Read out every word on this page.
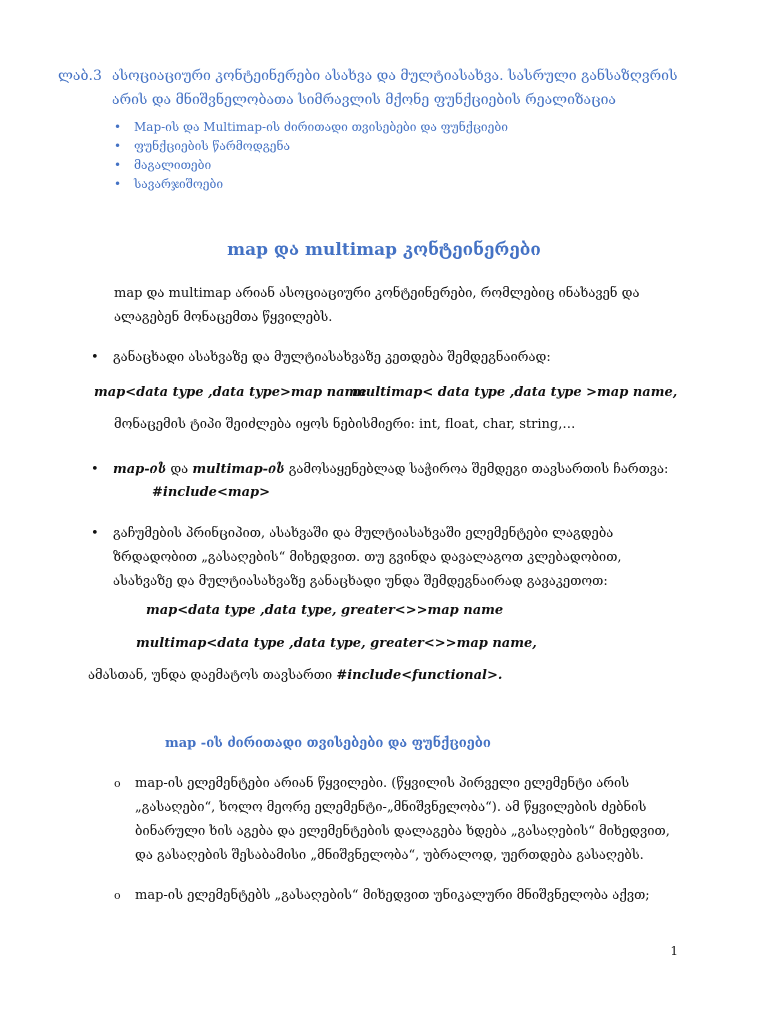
ლაბ.3 ასოციაციური კონტეინერები ასახვა და მულტიასახვა. სასრული განსაზღვრის არის და მნიშვნელობათა სიმრავლის მქონე ფუნქციების რეალიზაცია
• Map-ის და Multimap-ის ძირითადი თვისებები და ფუნქციები
• ფუნქციების წარმოდგენა
• მაგალითები
• სავარჯიშოები
map და multimap კონტეინერები
map და multimap არიან ასოციაციური კონტეინერები, რომლებიც ინახავენ და ალაგებენ მონაცემთა წყვილებს.
• განაცხადი ასახვაზე და მულტიასახვაზე კეთდება შემდეგნაირად:
map<data type ,data type>map name
multimap< data type ,data type >map name,
მონაცემის ტიპი შეიძლება იყოს ნებისმიერი: int, float, char, string,…
• map-ის და multimap-ის გამოსაყენებლად საჭიროა შემდეგი თავსართის ჩართვა:
#include<map>
• გაჩუმების პრინციპით, ასახვაში და მულტიასახვაში ელემენტები ლაგდება ზრდადობით „გასაღების“ მიხედვით. თუ გვინდა დავალაგოთ კლებადობით, ასახვაზე და მულტიასახვაზე განაცხადი უნდა შემდეგნაირად გავაკეთოთ:
map<data type ,data type, greater<>>map name
multimap<data type ,data type, greater<>>map name,
ამასთან, უნდა დაემატოს თავსართი #include<functional>.
map -ის ძირითადი თვისებები და ფუნქციები
o map-ის ელემენტები არიან წყვილები. (წყვილის პირველი ელემენტი არის „გასაღები“, ხოლო მეორე ელემენტი-„მნიშვნელობა“). ამ წყვილების ძებნის ბინარული ხის აგება და ელემენტების დალაგება ხდება „გასაღების“ მიხედვით, და გასაღების შესაბამისი „მნიშვნელობა“, უბრალოდ, უერთდება გასაღებს.
o map-ის ელემენტებს „გასაღების“ მიხედვით უნიკალური მნიშვნელობა აქვთ;
1
